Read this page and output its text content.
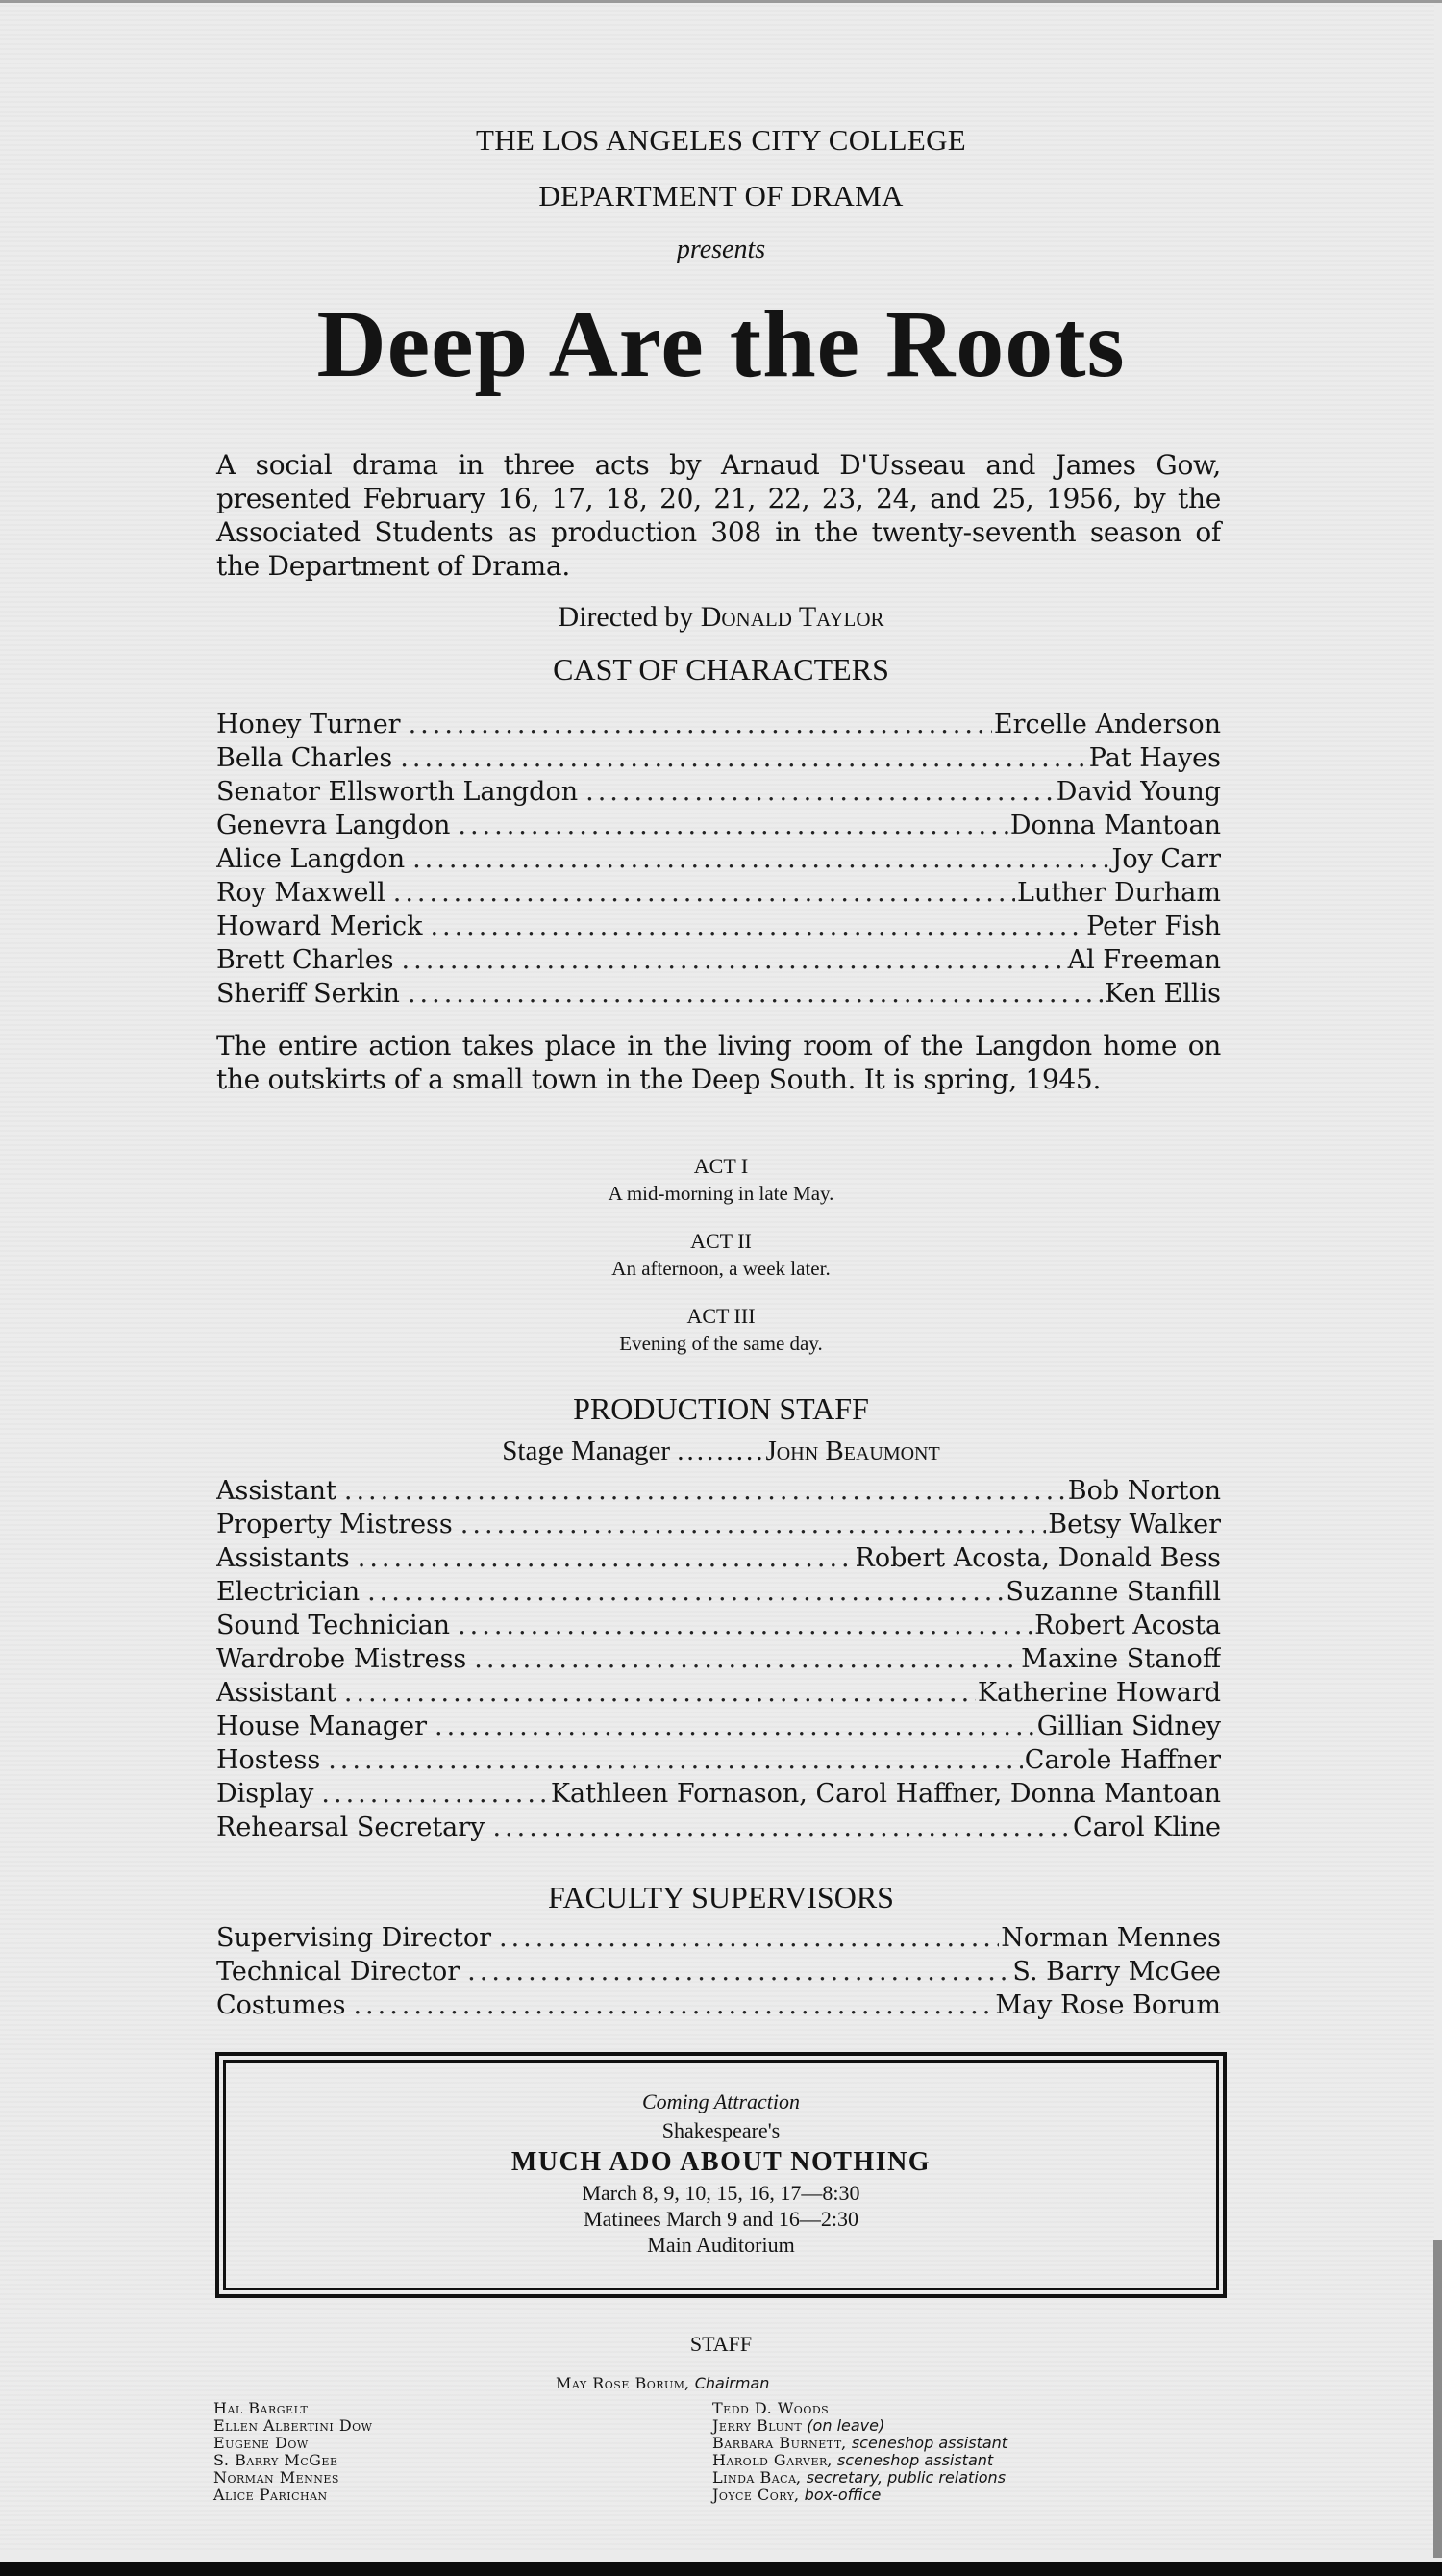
THE LOS ANGELES CITY COLLEGE
DEPARTMENT OF DRAMA
presents
Deep Are the Roots
A social drama in three acts by Arnaud D'Usseau and James Gow, presented February 16, 17, 18, 20, 21, 22, 23, 24, and 25, 1956, by the Associated Students as production 308 in the twenty-seventh season of the Department of Drama.
Directed by Donald Taylor
CAST OF CHARACTERS
Honey Turner .....	Ercelle Anderson
Bella Charles .....	Pat Hayes
Senator Ellsworth Langdon .....	David Young
Genevra Langdon .....	Donna Mantoan
Alice Langdon .....	Joy Carr
Roy Maxwell .....	Luther Durham
Howard Merick .....	Peter Fish
Brett Charles .....	Al Freeman
Sheriff Serkin .....	Ken Ellis
The entire action takes place in the living room of the Langdon home on the outskirts of a small town in the Deep South. It is spring, 1945.
ACT I
A mid-morning in late May.
ACT II
An afternoon, a week later.
ACT III
Evening of the same day.
PRODUCTION STAFF
Stage Manager .........John Beaumont
Assistant .....	Bob Norton
Property Mistress .....	Betsy Walker
Assistants .....	Robert Acosta, Donald Bess
Electrician .....	Suzanne Stanfill
Sound Technician .....	Robert Acosta
Wardrobe Mistress .....	Maxine Stanoff
Assistant .....	Katherine Howard
House Manager .....	Gillian Sidney
Hostess .....	Carole Haffner
Display .....	Kathleen Fornason, Carol Haffner, Donna Mantoan
Rehearsal Secretary .....	Carol Kline
FACULTY SUPERVISORS
Supervising Director .....	Norman Mennes
Technical Director .....	S. Barry McGee
Costumes .....	May Rose Borum
Coming Attraction
Shakespeare's
MUCH ADO ABOUT NOTHING
March 8, 9, 10, 15, 16, 17—8:30
Matinees March 9 and 16—2:30
Main Auditorium
STAFF
May Rose Borum, Chairman
Hal Bargelt
Ellen Albertini Dow
Eugene Dow
S. Barry McGee
Norman Mennes
Alice Parichan
Tedd D. Woods
Jerry Blunt (on leave)
Barbara Burnett, sceneshop assistant
Harold Garver, sceneshop assistant
Linda Baca, secretary, public relations
Joyce Cory, box-office
